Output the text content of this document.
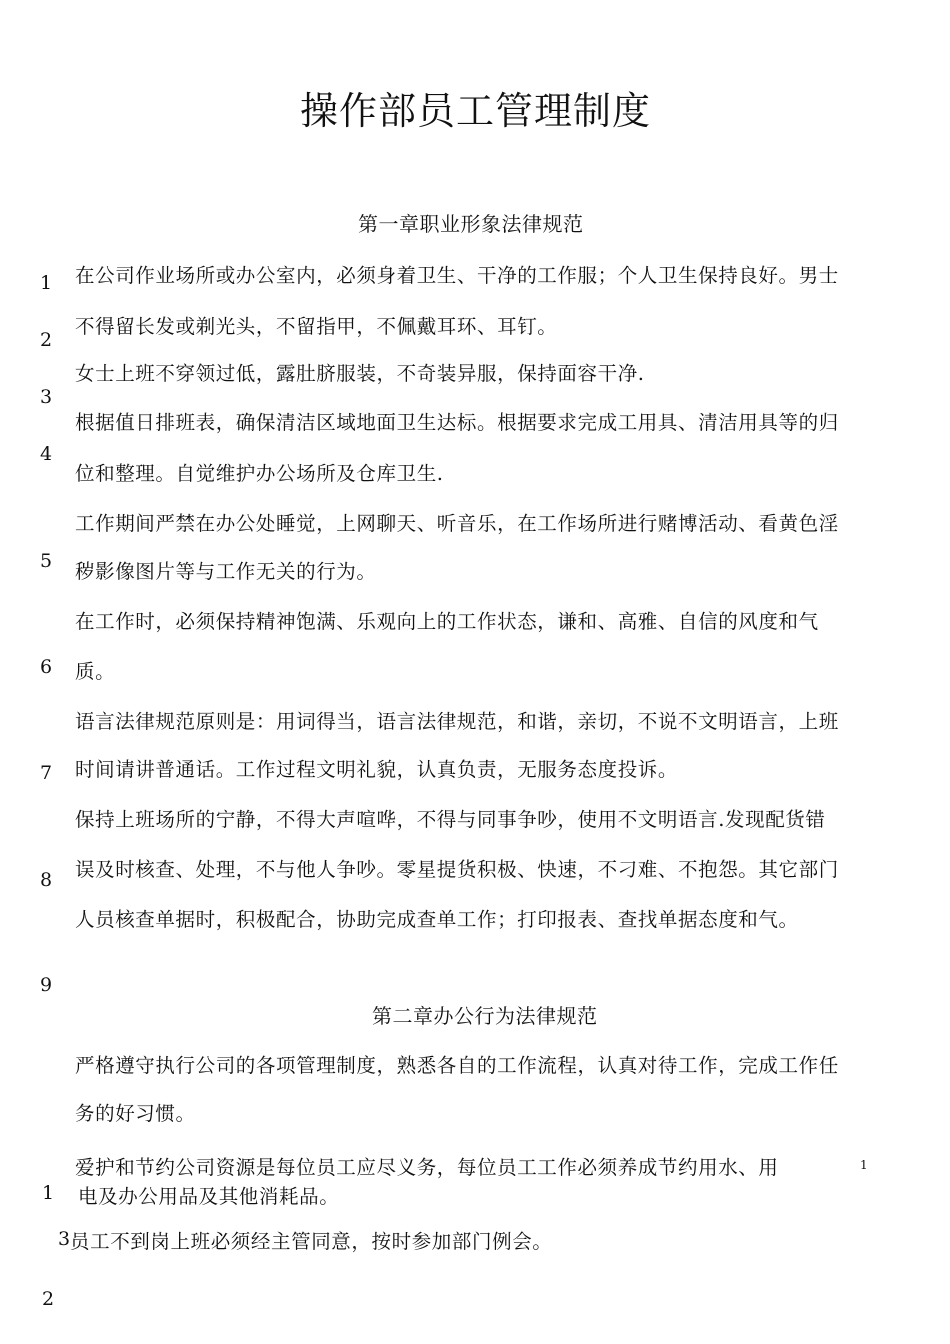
操作部员工管理制度
第一章职业形象法律规范
1
2
3
4
5
6
7
8
9
1
3
2
在公司作业场所或办公室内，必须身着卫生、干净的工作服；个人卫生保持良好。男士
不得留长发或剃光头，不留指甲，不佩戴耳环、耳钉。
女士上班不穿领过低，露肚脐服装，不奇装异服，保持面容干净.
根据值日排班表，确保清洁区域地面卫生达标。根据要求完成工用具、清洁用具等的归
位和整理。自觉维护办公场所及仓库卫生.
工作期间严禁在办公处睡觉，上网聊天、听音乐，在工作场所进行赌博活动、看黄色淫
秽影像图片等与工作无关的行为。
在工作时，必须保持精神饱满、乐观向上的工作状态，谦和、高雅、自信的风度和气
质。
语言法律规范原则是：用词得当，语言法律规范，和谐，亲切，不说不文明语言，上班
时间请讲普通话。工作过程文明礼貌，认真负责，无服务态度投诉。
保持上班场所的宁静，不得大声喧哗，不得与同事争吵，使用不文明语言.发现配货错
误及时核查、处理，不与他人争吵。零星提货积极、快速，不刁难、不抱怨。其它部门
人员核查单据时，积极配合，协助完成查单工作；打印报表、查找单据态度和气。
第二章办公行为法律规范
严格遵守执行公司的各项管理制度，熟悉各自的工作流程，认真对待工作，完成工作任
务的好习惯。
爱护和节约公司资源是每位员工应尽义务，每位员工工作必须养成节约用水、用	1
电及办公用品及其他消耗品。
员工不到岗上班必须经主管同意，按时参加部门例会。
